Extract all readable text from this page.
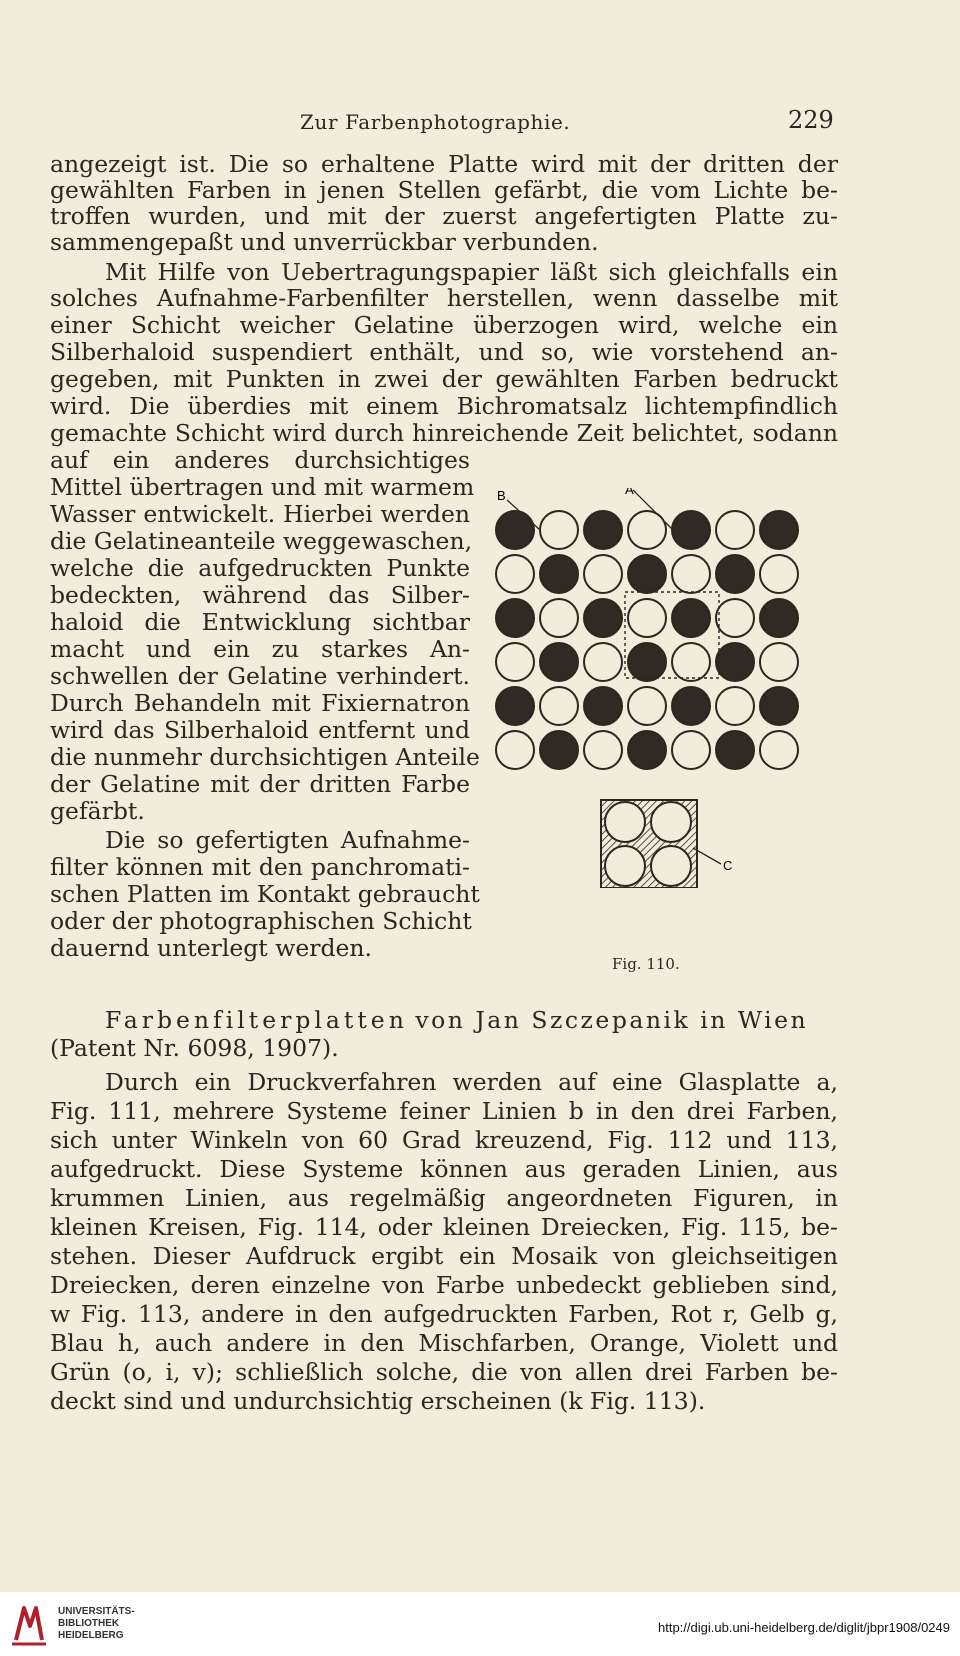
Zur Farbenphotographie.	229
angezeigt ist. Die so erhaltene Platte wird mit der dritten der
gewählten Farben in jenen Stellen gefärbt, die vom Lichte be-
troffen wurden, und mit der zuerst angefertigten Platte zu-
sammengepaßt und unverrückbar verbunden.
Mit Hilfe von Uebertragungspapier läßt sich gleichfalls ein
solches Aufnahme-Farbenfilter herstellen, wenn dasselbe mit
einer Schicht weicher Gelatine überzogen wird, welche ein
Silberhaloid suspendiert enthält, und so, wie vorstehend an-
gegeben, mit Punkten in zwei der gewählten Farben bedruckt
wird. Die überdies mit einem Bichromatsalz lichtempfindlich
gemachte Schicht wird durch hinreichende Zeit belichtet, sodann
auf ein anderes durchsichtiges
Mittel übertragen und mit warmem
Wasser entwickelt. Hierbei werden
die Gelatineanteile weggewaschen,
welche die aufgedruckten Punkte
bedeckten, während das Silber-
haloid die Entwicklung sichtbar
macht und ein zu starkes An-
schwellen der Gelatine verhindert.
Durch Behandeln mit Fixiernatron
wird das Silberhaloid entfernt und
die nunmehr durchsichtigen Anteile
der Gelatine mit der dritten Farbe
gefärbt.
Die so gefertigten Aufnahme-
filter können mit den panchromati-
schen Platten im Kontakt gebraucht
oder der photographischen Schicht
dauernd unterlegt werden.
B	A
C
Fig. 110.
Farbenfilterplatten von Jan Szczepanik in Wien
(Patent Nr. 6098, 1907).
Durch ein Druckverfahren werden auf eine Glasplatte a,
Fig. 111, mehrere Systeme feiner Linien b in den drei Farben,
sich unter Winkeln von 60 Grad kreuzend, Fig. 112 und 113,
aufgedruckt. Diese Systeme können aus geraden Linien, aus
krummen Linien, aus regelmäßig angeordneten Figuren, in
kleinen Kreisen, Fig. 114, oder kleinen Dreiecken, Fig. 115, be-
stehen. Dieser Aufdruck ergibt ein Mosaik von gleichseitigen
Dreiecken, deren einzelne von Farbe unbedeckt geblieben sind,
w Fig. 113, andere in den aufgedruckten Farben, Rot r, Gelb g,
Blau h, auch andere in den Mischfarben, Orange, Violett und
Grün (o, i, v); schließlich solche, die von allen drei Farben be-
deckt sind und undurchsichtig erscheinen (k Fig. 113).
UNIVERSITÄTS-
BIBLIOTHEK
HEIDELBERG
http://digi.ub.uni-heidelberg.de/diglit/jbpr1908/0249
